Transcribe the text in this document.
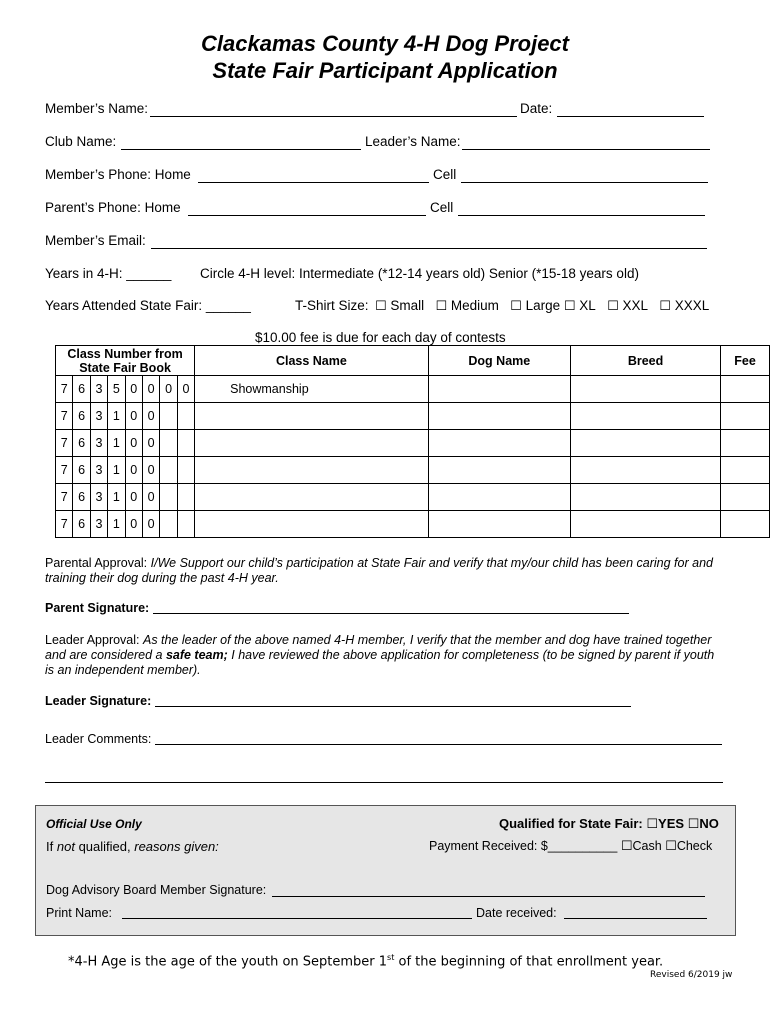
Clackamas County 4-H Dog Project
State Fair Participant Application
Member’s Name:	Date:
Club Name:	Leader’s Name:
Member’s Phone: Home	Cell
Parent’s Phone: Home	Cell
Member’s Email:
Years in 4-H: ______ Circle 4-H level: Intermediate (*12-14 years old) Senior (*15-18 years old)
Years Attended State Fair: ______	T-Shirt Size: ☐ Small ☐ Medium ☐ Large ☐ XL ☐ XXL ☐ XXXL
$10.00 fee is due for each day of contests
Class Number from State Fair Book								Class Name	Dog Name	Breed	Fee
7	6	3	5	0	0	0	0	Showmanship			
7	6	3	1	0	0						
7	6	3	1	0	0						
7	6	3	1	0	0						
7	6	3	1	0	0						
7	6	3	1	0	0						
Parental Approval: I/We Support our child’s participation at State Fair and verify that my/our child has been caring for and
training their dog during the past 4-H year.
Parent Signature:
Leader Approval: As the leader of the above named 4-H member, I verify that the member and dog have trained together
and are considered a safe team; I have reviewed the above application for completeness (to be signed by parent if youth
is an independent member).
Leader Signature:
Leader Comments:
Official Use Only	Qualified for State Fair: ☐YES ☐NO
If not qualified, reasons given:	Payment Received: $__________ ☐Cash ☐Check
Dog Advisory Board Member Signature:
Print Name:	Date received:
*4-H Age is the age of the youth on September 1st of the beginning of that enrollment year.
Revised 6/2019 jw
